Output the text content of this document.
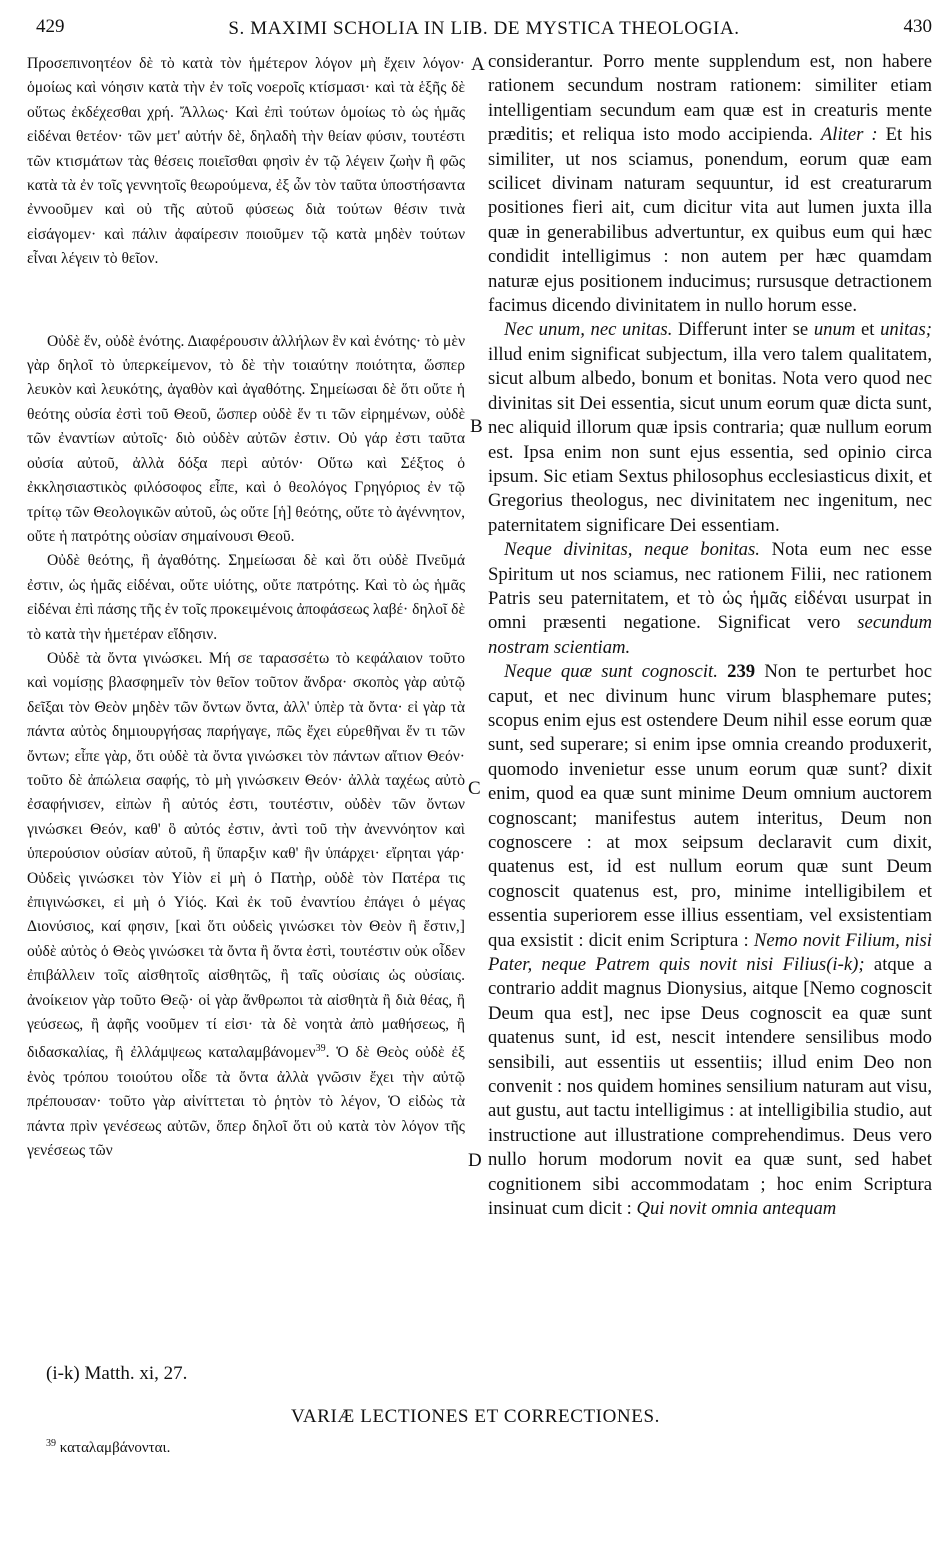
429	S. MAXIMI SCHOLIA IN LIB. DE MYSTICA THEOLOGIA.	430

Προσεπινοητέον δὲ τὸ κατὰ τὸν ἡμέτερον λόγον μὴ ἔχειν λόγον· ὁμοίως καὶ νόησιν κατὰ τὴν ἐν τοῖς νοεροῖς κτίσμασι· καὶ τὰ ἑξῆς δὲ οὕτως ἐκδέχεσθαι χρή. Ἄλλως· Καὶ ἐπὶ τούτων ὁμοίως τὸ ὡς ἡμᾶς εἰδέναι θετέον· τῶν μετ' αὐτήν δὲ, δηλαδὴ τὴν θείαν φύσιν, τουτέστι τῶν κτισμάτων τὰς θέσεις ποιεῖσθαι φησὶν ἐν τῷ λέγειν ζωὴν ἢ φῶς κατὰ τὰ ἐν τοῖς γεννητοῖς θεωρούμενα, ἐξ ὧν τὸν ταῦτα ὑποστήσαντα ἐννοοῦμεν καὶ οὐ τῆς αὐτοῦ φύσεως διὰ τούτων θέσιν τινὰ εἰσάγομεν· καὶ πάλιν ἀφαίρεσιν ποιοῦμεν τῷ κατὰ μηδὲν τούτων εἶναι λέγειν τὸ θεῖον.

Οὐδὲ ἕν, οὐδὲ ἑνότης. Διαφέρουσιν ἀλλήλων ἓν καὶ ἑνότης· τὸ μὲν γὰρ δηλοῖ τὸ ὑπερκείμενον, τὸ δὲ τὴν τοιαύτην ποιότητα, ὥσπερ λευκὸν καὶ λευκότης, ἀγαθὸν καὶ ἀγαθότης. Σημείωσαι δὲ ὅτι οὔτε ἡ θεότης οὐσία ἐστὶ τοῦ Θεοῦ, ὥσπερ οὐδὲ ἕν τι τῶν εἰρημένων, οὐδὲ τῶν ἐναντίων αὐτοῖς· διὸ οὐδὲν αὐτῶν ἐστιν. Οὐ γάρ ἐστι ταῦτα οὐσία αὐτοῦ, ἀλλὰ δόξα περὶ αὐτόν· Οὕτω καὶ Σέξτος ὁ ἐκκλησιαστικὸς φιλόσοφος εἶπε, καὶ ὁ θεολόγος Γρηγόριος ἐν τῷ τρίτῳ τῶν Θεολογικῶν αὐτοῦ, ὡς οὔτε [ἡ] θεότης, οὔτε τὸ ἀγέννητον, οὔτε ἡ πατρότης οὐσίαν σημαίνουσι Θεοῦ.

Οὐδὲ θεότης, ἢ ἀγαθότης. Σημείωσαι δὲ καὶ ὅτι οὐδὲ Πνεῦμά ἐστιν, ὡς ἡμᾶς εἰδέναι, οὔτε υἱότης, οὔτε πατρότης. Καὶ τὸ ὡς ἡμᾶς εἰδέναι ἐπὶ πάσης τῆς ἐν τοῖς προκειμένοις ἀποφάσεως λαβέ· δηλοῖ δὲ τὸ κατὰ τὴν ἡμετέραν εἴδησιν.

Οὐδὲ τὰ ὄντα γινώσκει. Μή σε ταρασσέτω τὸ κεφάλαιον τοῦτο καὶ νομίσῃς βλασφημεῖν τὸν θεῖον τοῦτον ἄνδρα· σκοπὸς γὰρ αὐτῷ δεῖξαι τὸν Θεὸν μηδὲν τῶν ὄντων ὄντα, ἀλλ' ὑπὲρ τὰ ὄντα· εἰ γὰρ τὰ πάντα αὐτὸς δημιουργήσας παρήγαγε, πῶς ἔχει εὑρεθῆναι ἕν τι τῶν ὄντων; εἶπε γὰρ, ὅτι οὐδὲ τὰ ὄντα γινώσκει τὸν πάντων αἴτιον Θεόν· τοῦτο δὲ ἀπώλεια σαφής, τὸ μὴ γινώσκειν Θεόν· ἀλλὰ ταχέως αὐτὸ ἐσαφήνισεν, εἰπὼν ἢ αὐτός ἐστι, τουτέστιν, οὐδὲν τῶν ὄντων γινώσκει Θεόν, καθ' ὃ αὐτός ἐστιν, ἀντὶ τοῦ τὴν ἀνεννόητον καὶ ὑπερούσιον οὐσίαν αὐτοῦ, ἢ ὕπαρξιν καθ' ἣν ὑπάρχει· εἴρηται γάρ· Οὐδεὶς γινώσκει τὸν Υἱὸν εἰ μὴ ὁ Πατὴρ, οὐδὲ τὸν Πατέρα τις ἐπιγινώσκει, εἰ μὴ ὁ Υἱός. Καὶ ἐκ τοῦ ἐναντίου ἐπάγει ὁ μέγας Διονύσιος, καί φησιν, [καὶ ὅτι οὐδεὶς γινώσκει τὸν Θεὸν ἢ ἔστιν,] οὐδὲ αὐτὸς ὁ Θεὸς γινώσκει τὰ ὄντα ἢ ὄντα ἐστὶ, τουτέστιν οὐκ οἶδεν ἐπιβάλλειν τοῖς αἰσθητοῖς αἰσθητῶς, ἢ ταῖς οὐσίαις ὡς οὐσίαις. ἀνοίκειον γὰρ τοῦτο Θεῷ· οἱ γὰρ ἄνθρωποι τὰ αἰσθητὰ ἢ διὰ θέας, ἢ γεύσεως, ἢ ἀφῆς νοοῦμεν τί εἰσι· τὰ δὲ νοητὰ ἀπὸ μαθήσεως, ἢ διδασκαλίας, ἢ ἐλλάμψεως καταλαμβάνομεν$^{39}$. Ὁ δὲ Θεὸς οὐδὲ ἐξ ἑνὸς τρόπου τοιούτου οἶδε τὰ ὄντα ἀλλὰ γνῶσιν ἔχει τὴν αὐτῷ πρέπουσαν· τοῦτο γὰρ αἰνίττεται τὸ ῥητὸν τὸ λέγον, Ὁ εἰδὼς τὰ πάντα πρὶν γενέσεως αὐτῶν, ὅπερ δηλοῖ ὅτι οὐ κατὰ τὸν λόγον τῆς γενέσεως τῶν

considerantur. Porro mente supplendum est, non habere rationem secundum nostram rationem: similiter etiam intelligentiam secundum eam quæ est in creaturis mente præditis; et reliqua isto modo accipienda. Aliter : Et his similiter, ut nos sciamus, ponendum, eorum quæ eam scilicet divinam naturam sequuntur, id est creaturarum positiones fieri ait, cum dicitur vita aut lumen juxta illa quæ in generabilibus advertuntur, ex quibus eum qui hæc condidit intelligimus : non autem per hæc quamdam naturæ ejus positionem inducimus; rursusque detractionem facimus dicendo divinitatem in nullo horum esse.

Nec unum, nec unitas. Differunt inter se unum et unitas; illud enim significat subjectum, illa vero talem qualitatem, sicut album albedo, bonum et bonitas. Nota vero quod nec divinitas sit Dei essentia, sicut unum eorum quæ dicta sunt, nec aliquid illorum quæ ipsis contraria; quæ nullum eorum est. Ipsa enim non sunt ejus essentia, sed opinio circa ipsum. Sic etiam Sextus philosophus ecclesiasticus dixit, et Gregorius theologus, nec divinitatem nec ingenitum, nec paternitatem significare Dei essentiam.

Neque divinitas, neque bonitas. Nota eum nec esse Spiritum ut nos sciamus, nec rationem Filii, nec rationem Patris seu paternitatem, et τὸ ὡς ἡμᾶς εἰδέναι usurpat in omni præsenti negatione. Significat vero secundum nostram scientiam.

Neque quæ sunt cognoscit. 239 Non te perturbet hoc caput, et nec divinum hunc virum blasphemare putes; scopus enim ejus est ostendere Deum nihil esse eorum quæ sunt, sed superare; si enim ipse omnia creando produxerit, quomodo invenietur esse unum eorum quæ sunt? dixit enim, quod ea quæ sunt minime Deum omnium auctorem cognoscant; manifestus autem interitus, Deum non cognoscere : at mox seipsum declaravit cum dixit, quatenus est, id est nullum eorum quæ sunt Deum cognoscit quatenus est, pro, minime intelligibilem et essentia superiorem esse illius essentiam, vel exsistentiam qua exsistit : dicit enim Scriptura : Nemo novit Filium, nisi Pater, neque Patrem quis novit nisi Filius(i-k); atque a contrario addit magnus Dionysius, aitque [Nemo cognoscit Deum qua est], nec ipse Deus cognoscit ea quæ sunt quatenus sunt, id est, nescit intendere sensilibus modo sensibili, aut essentiis ut essentiis; illud enim Deo non convenit : nos quidem homines sensilium naturam aut visu, aut gustu, aut tactu intelligimus : at intelligibilia studio, aut instructione aut illustratione comprehendimus. Deus vero nullo horum modorum novit ea quæ sunt, sed habet cognitionem sibi accommodatam ; hoc enim Scriptura insinuat cum dicit : Qui novit omnia antequam

A
B
C
D
(i-k) Matth. xi, 27.
VARIÆ LECTIONES ET CORRECTIONES.
$^{39}$ καταλαμβάνονται.
